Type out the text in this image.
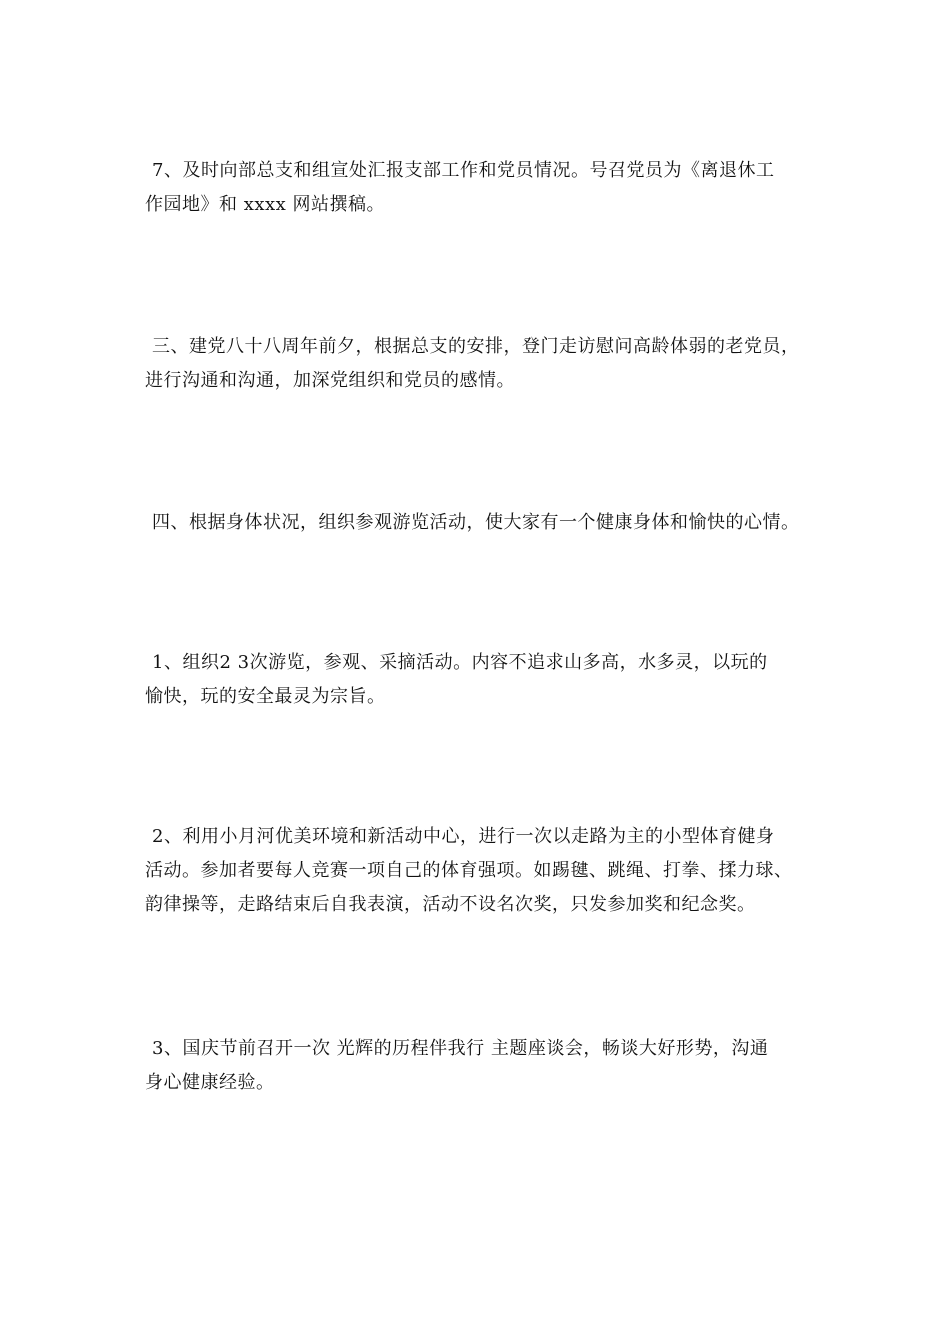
7、及时向部总支和组宣处汇报支部工作和党员情况。号召党员为《离退休工
作园地》和 xxxx 网站撰稿。
三、建党八十八周年前夕，根据总支的安排，登门走访慰问高龄体弱的老党员，
进行沟通和沟通，加深党组织和党员的感情。
四、根据身体状况，组织参观游览活动，使大家有一个健康身体和愉快的心情。
1、组织2 3次游览，参观、采摘活动。内容不追求山多高，水多灵，以玩的
愉快，玩的安全最灵为宗旨。
2、利用小月河优美环境和新活动中心，进行一次以走路为主的小型体育健身
活动。参加者要每人竞赛一项自己的体育强项。如踢毽、跳绳、打拳、揉力球、
韵律操等，走路结束后自我表演，活动不设名次奖，只发参加奖和纪念奖。
3、国庆节前召开一次 光辉的历程伴我行 主题座谈会，畅谈大好形势，沟通
身心健康经验。
